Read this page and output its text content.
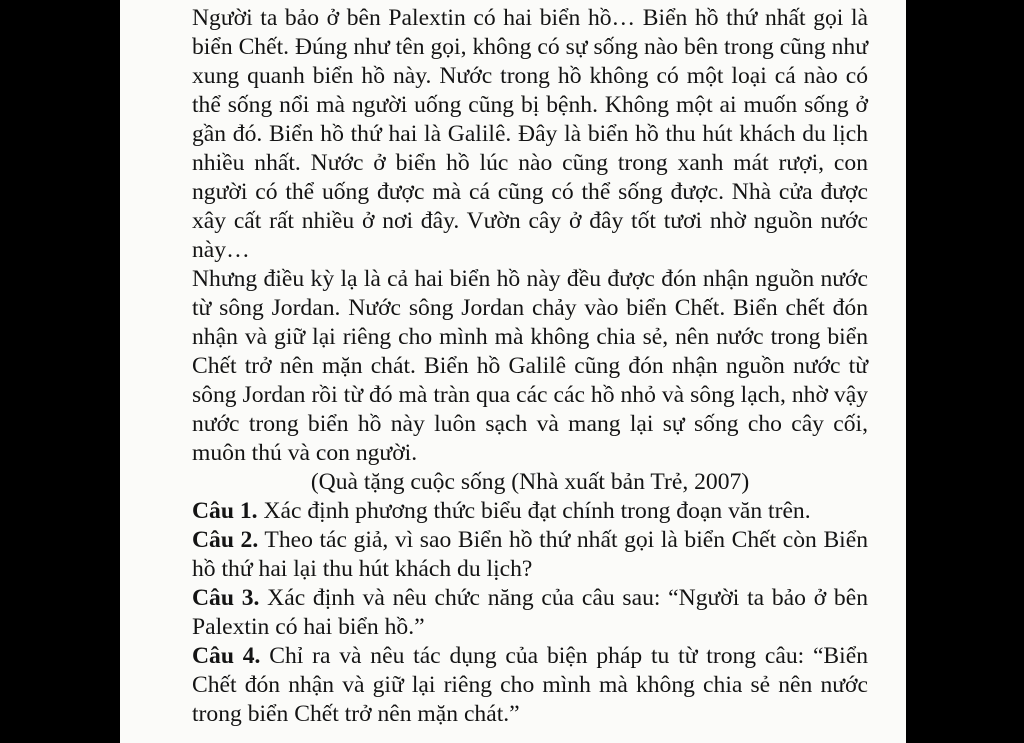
Người ta bảo ở bên Palextin có hai biển hồ… Biển hồ thứ nhất gọi là biển Chết. Đúng như tên gọi, không có sự sống nào bên trong cũng như xung quanh biển hồ này. Nước trong hồ không có một loại cá nào có thể sống nổi mà người uống cũng bị bệnh. Không một ai muốn sống ở gần đó. Biển hồ thứ hai là Galilê. Đây là biển hồ thu hút khách du lịch nhiều nhất. Nước ở biển hồ lúc nào cũng trong xanh mát rượi, con người có thể uống được mà cá cũng có thể sống được. Nhà cửa được xây cất rất nhiều ở nơi đây. Vườn cây ở đây tốt tươi nhờ nguồn nước này…

Nhưng điều kỳ lạ là cả hai biển hồ này đều được đón nhận nguồn nước từ sông Jordan. Nước sông Jordan chảy vào biển Chết. Biển chết đón nhận và giữ lại riêng cho mình mà không chia sẻ, nên nước trong biển Chết trở nên mặn chát. Biển hồ Galilê cũng đón nhận nguồn nước từ sông Jordan rồi từ đó mà tràn qua các các hồ nhỏ và sông lạch, nhờ vậy nước trong biển hồ này luôn sạch và mang lại sự sống cho cây cối, muôn thú và con người.

(Quà tặng cuộc sống (Nhà xuất bản Trẻ, 2007)

Câu 1. Xác định phương thức biểu đạt chính trong đoạn văn trên.

Câu 2. Theo tác giả, vì sao Biển hồ thứ nhất gọi là biển Chết còn Biển hồ thứ hai lại thu hút khách du lịch?

Câu 3. Xác định và nêu chức năng của câu sau: “Người ta bảo ở bên Palextin có hai biển hồ.”

Câu 4. Chỉ ra và nêu tác dụng của biện pháp tu từ trong câu: “Biển Chết đón nhận và giữ lại riêng cho mình mà không chia sẻ nên nước trong biển Chết trở nên mặn chát.”
